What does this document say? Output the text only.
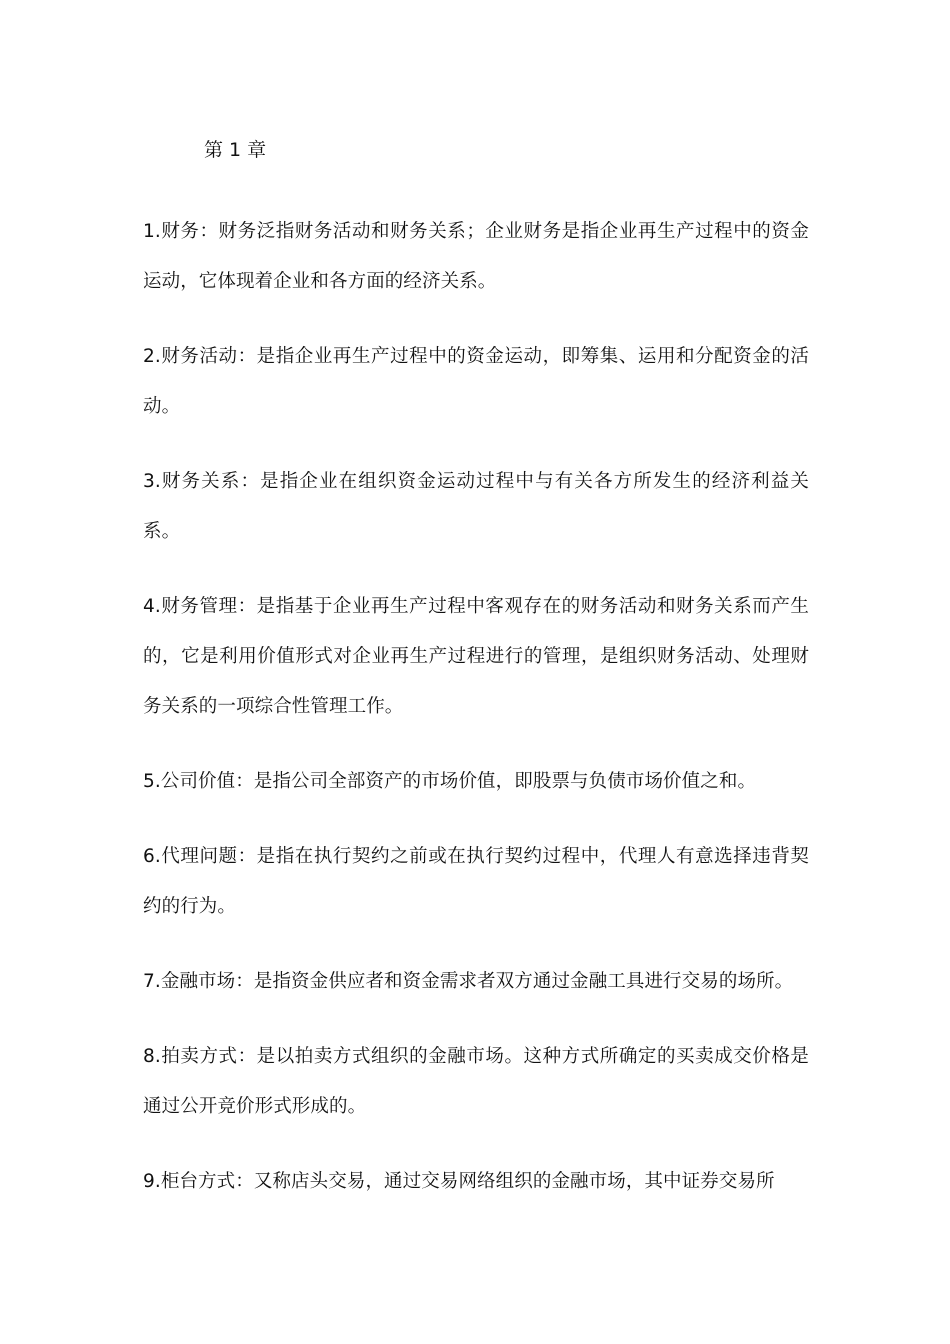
第 1 章

1.财务：财务泛指财务活动和财务关系；企业财务是指企业再生产过程中的资金运动，它体现着企业和各方面的经济关系。

2.财务活动：是指企业再生产过程中的资金运动，即筹集、运用和分配资金的活动。

3.财务关系：是指企业在组织资金运动过程中与有关各方所发生的经济利益关系。

4.财务管理：是指基于企业再生产过程中客观存在的财务活动和财务关系而产生的，它是利用价值形式对企业再生产过程进行的管理，是组织财务活动、处理财务关系的一项综合性管理工作。

5.公司价值：是指公司全部资产的市场价值，即股票与负债市场价值之和。

6.代理问题：是指在执行契约之前或在执行契约过程中，代理人有意选择违背契约的行为。

7.金融市场：是指资金供应者和资金需求者双方通过金融工具进行交易的场所。

8.拍卖方式：是以拍卖方式组织的金融市场。这种方式所确定的买卖成交价格是通过公开竞价形式形成的。

9.柜台方式：又称店头交易，通过交易网络组织的金融市场，其中证券交易所
